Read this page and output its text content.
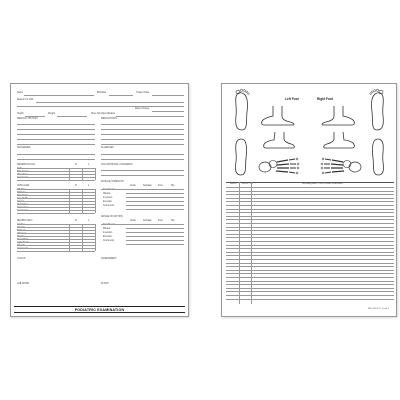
Name	Birthdate	Today's Date
Reason for Visit
Date of Onset
Height	Weight	Shoe Size/Specification
MEDICAL HISTORY	MEDICATIONS
SURGERIES	ALLERGIES
DERMATOLOGIC	R	L
Nails
Skin Texture
Ulceration
Comments
OCCUPATIONAL CONCERNS
VASCULAR	R	L
DP Pulse
PT Pulse
Skin Temp
Cap Refill
Edema
Pedal Hair
Varicosities
Comments
MUSCLE STRENGTH
Ankle	Subtalar	Foot	Hip
Dorsiflexion
Plantar
Inversion
Eversion
Comments
NEUROLOGIC	R	L
Achilles
Patellar
Babinski
Vibratory
Proprio.
Sharp/Dull
Light Touch
Monofil.
Comments
RANGE OF MOTION
Ankle	Subtalar	Foot	Hip
Dorsiflexion
Plantar
Inversion
Eversion
Comments
X-RAYS	ASSESSMENT
LAB WORK	PLANS
PODIATRIC EXAMINATION
Left Foot	Right Foot
DATE	PROV. INI.	SUBSEQUENT VISITS AND FINDINGS
REF. 2025-PO1 · 1st ed. 5
